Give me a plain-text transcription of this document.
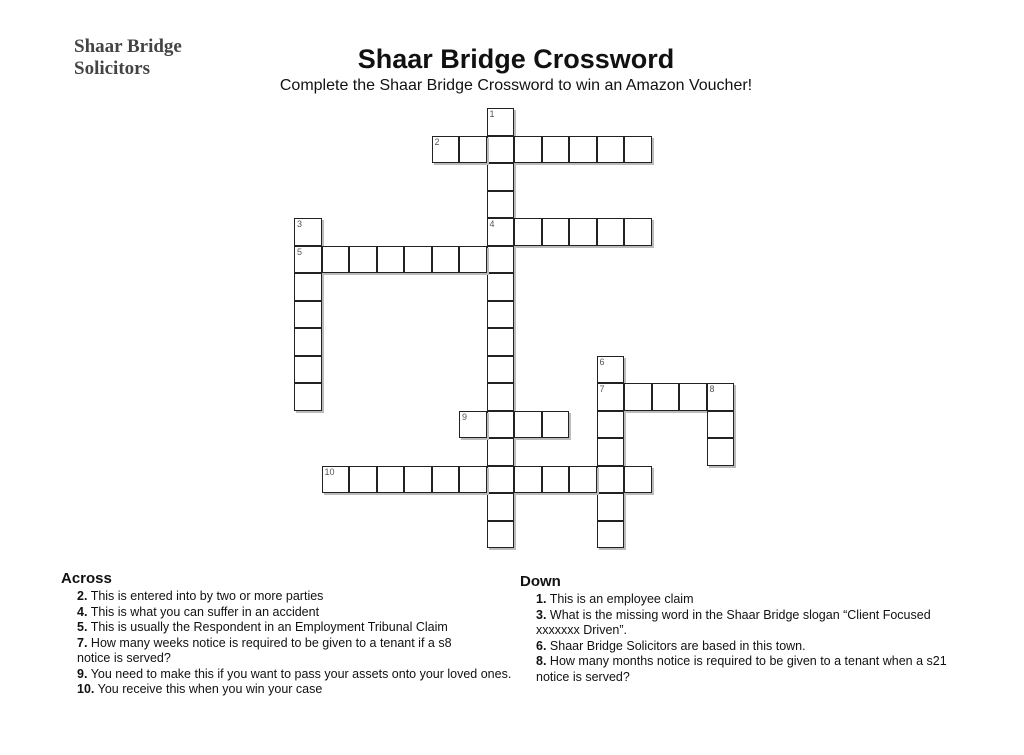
Shaar Bridge
Solicitors	Shaar Bridge Crossword
Complete the Shaar Bridge Crossword to win an Amazon Voucher!
1
4
2
3
5
6
7	8
9
10
Across
2. This is entered into by two or more parties
4. This is what you can suffer in an accident
5. This is usually the Respondent in an Employment Tribunal Claim
7. How many weeks notice is required to be given to a tenant if a s8 notice is served?
9. You need to make this if you want to pass your assets onto your loved ones.
10. You receive this when you win your case
Down
1. This is an employee claim
3. What is the missing word in the Shaar Bridge slogan “Client Focused xxxxxxx Driven”.
6. Shaar Bridge Solicitors are based in this town.
8. How many months notice is required to be given to a tenant when a s21 notice is served?
